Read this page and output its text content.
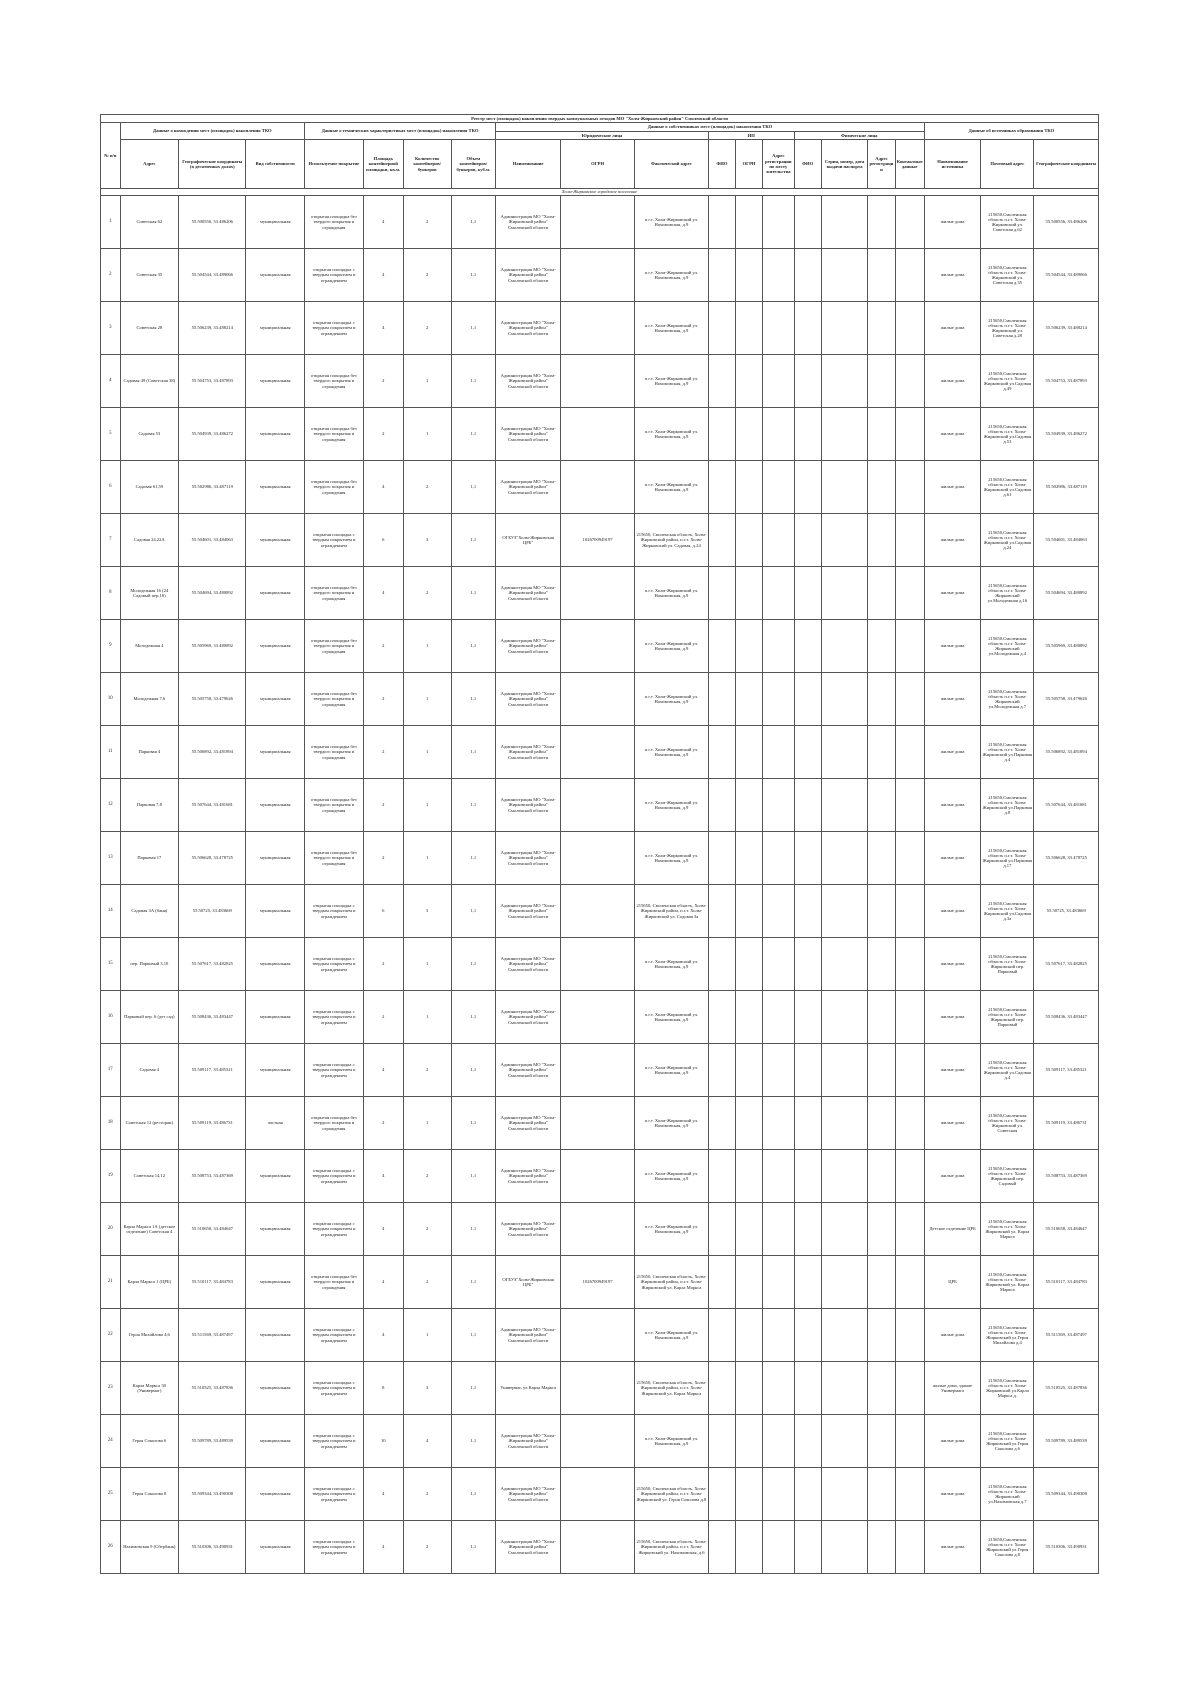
Реестр мест (площадок) накопления твердых коммунальных отходов МО "Холм-Жирковский район" Смоленской области																				
№ п/п	Данные о нахождении мест (площадок) накопления ТКО			Данные о технических характеристиках мест (площадок) накопления ТКО				Данные о собственниках мест (площадок) накопления ТКО										Данные об источниках образования ТКО		
								Юридические лица			ИП			Физические лица						
	Адрес	Географические координаты (в десятичных долях)	Вид собственности	Используемое покрытие	Площадь контейнерной площадки, кв.м.	Количество контейнеров/бункеров	Объем контейнеров/бункеров, куб.м.	Наименование	ОГРН	Фактический адрес	ФИО	ОГРН	Адрес регистрации по месту жительства	ФИО	Серия, номер, дата выдачи паспорта	Адрес регистрации	Контактные данные	Наименование источника	Почтовый адрес	Географические координаты
Холм-Жирковское городское поселение																				
1	Советская 62	55.500556, 33.486206	муниципальная	открытая площадка без твердого покрытия и ограждения	4	2	1,1	Администрация МО "Холм-Жирковский район" Смоленской области		п.г.т. Холм-Жирковский ул. Нахимовская, д.9								жилые дома	215650,Смоленская область п.г.т. Холм-Жирковский ул. Советская д.62	55.500556, 33.486206
2	Советская 35	55.504544, 33.489066	муниципальная	открытая площадка с твердым покрытием и ограждением	4	2	1,1	Администрация МО "Холм-Жирковский район" Смоленской области		п.г.т. Холм-Жирковский ул. Нахимовская, д.9								жилые дома	215650,Смоленская область п.г.т. Холм-Жирковский ул. Советская д.35	55.504544, 33.489066
3	Советская 28	55.506239, 33.488214	муниципальная	открытая площадка с твердым покрытием и ограждением	4	2	1,1	Администрация МО "Холм-Жирковский район" Смоленской области		п.г.т. Холм-Жирковский ул. Нахимовская, д.9								жилые дома	215650,Смоленская область п.г.т. Холм-Жирковский ул. Советская д.28	55.506239, 33.488214
4	Садовая 49 (Советская 38)	55.504753, 33.487893	муниципальная	открытая площадка без твердого покрытия и ограждения	2	1	1,1	Администрация МО "Холм-Жирковский район" Смоленской области		п.г.т. Холм-Жирковский ул. Нахимовская, д.9								жилые дома	215650,Смоленская область п.г.т. Холм-Жирковский ул.Садовая д.49	55.504753, 33.487893
5	Садовая 53	55.504939, 33.486272	муниципальная	открытая площадка без твердого покрытия и ограждения	2	1	1,1	Администрация МО "Холм-Жирковский район" Смоленской области		п.г.т. Холм-Жирковский ул. Нахимовская, д.9								жилые дома	215650,Смоленская область п.г.т. Холм-Жирковский ул.Садовая д.53	55.504939, 33.486272
6	Садовая 61,59	55.502986, 33.487119	муниципальная	открытая площадка без твердого покрытия и ограждения	4	2	1,1	Администрация МО "Холм-Жирковский район" Смоленской области		п.г.т. Холм-Жирковский ул. Нахимовская, д.9								жилые дома	215650,Смоленская область п.г.т. Холм-Жирковский ул.Садовая д.61	55.502986, 33.487119
7	Садовая 24,22А	55.504601, 33.484063	муниципальная	открытая площадка с твердым покрытием и ограждением	6	3	1,1	ОГБУЗ"Холм-Жирковская ЦРБ"	1026700949197	215650, Смоленская область, Холм-Жирковский район, п.г.т. Холм-Жирковский ул. Садовая, д.24								жилые дома	215650,Смоленская область п.г.т. Холм-Жирковский ул.Садовая д.24	55.504601, 33.484063
8	Молодежная 16 (24 Садовый пер.16)	55.504694, 33.480892	муниципальная	открытая площадка без твердого покрытия и ограждения	4	2	1,1	Администрация МО "Холм-Жирковский район" Смоленской области		п.г.т. Холм-Жирковский ул. Нахимовская, д.9								жилые дома	215650,Смоленская область п.г.т. Холм-Жирковский ул.Молодежная д.16	55.504694, 33.480892
9	Молодежная 4	55.505969, 33.480892	муниципальная	открытая площадка без твердого покрытия и ограждения	2	1	1,1	Администрация МО "Холм-Жирковский район" Смоленской области		п.г.т. Холм-Жирковский ул. Нахимовская, д.9								жилые дома	215650,Смоленская область п.г.т. Холм-Жирковский ул.Молодежная д.4	55.505969, 33.480892
10	Молодежная 7,6	55.505758, 33.479626	муниципальная	открытая площадка без твердого покрытия и ограждения	2	1	1,1	Администрация МО "Холм-Жирковский район" Смоленской области		п.г.т. Холм-Жирковский ул. Нахимовская, д.9								жилые дома	215650,Смоленская область п.г.т. Холм-Жирковский ул.Молодежная д.7	55.505758, 33.479626
11	Парковая 4	55.506892, 33.481894	муниципальная	открытая площадка без твердого покрытия и ограждения	2	1	1,1	Администрация МО "Холм-Жирковский район" Смоленской области		п.г.т. Холм-Жирковский ул. Нахимовская, д.9								жилые дома	215650,Смоленская область п.г.т. Холм-Жирковский ул.Парковая д.4	55.506892, 33.481894
12	Парковая 7,8	55.507644, 33.481681	муниципальная	открытая площадка без твердого покрытия и ограждения	2	1	1,1	Администрация МО "Холм-Жирковский район" Смоленской области		п.г.т. Холм-Жирковский ул. Нахимовская, д.9								жилые дома	215650,Смоленская область п.г.т. Холм-Жирковский ул.Парковая д.8	55.507644, 33.481681
13	Парковая 17	55.506628, 33.478725	муниципальная	открытая площадка без твердого покрытия и ограждения	2	1	1,1	Администрация МО "Холм-Жирковский район" Смоленской области		п.г.т. Холм-Жирковский ул. Нахимовская, д.9								жилые дома	215650,Смоленская область п.г.т. Холм-Жирковский ул.Парковая д.17	55.506628, 33.478725
14	Садовая 3А (баня)	55.50725, 33.483669	муниципальная	открытая площадка с твердым покрытием и ограждением	6	3	1,1	Администрация МО "Холм-Жирковский район" Смоленской области		215650, Смоленская область, Холм-Жирковский район, п.г.т. Холм-Жирковский ул. Садовая 3а								жилые дома	215650,Смоленская область п.г.т. Холм-Жирковский ул.Садовая д.3а	55.50725, 33.483669
15	пер. Парковый 3,10	55.507617, 33.482825	муниципальная	открытая площадка с твердым покрытием и ограждением	2	1	1,1	Администрация МО "Холм-Жирковский район" Смоленской области		п.г.т. Холм-Жирковский ул. Нахимовская, д.9								жилые дома	215650,Смоленская область п.г.т. Холм-Жирковский пер. Парковый	55.507617, 33.482825
16	Парковый пер. 6 (дет сад)	55.508436, 33.483447	муниципальная	открытая площадка с твердым покрытием и ограждением	2	1	1,1	Администрация МО "Холм-Жирковский район" Смоленской области		п.г.т. Холм-Жирковский ул. Нахимовская, д.9								жилые дома	215650,Смоленская область п.г.т. Холм-Жирковский пер. Парковый	55.508436, 33.483447
17	Садовая 4	55.509117, 33.485321	муниципальная	открытая площадка с твердым покрытием и ограждением	4	2	1,1	Администрация МО "Холм-Жирковский район" Смоленской области		п.г.т. Холм-Жирковский ул. Нахимовская, д.9								жилые дома	215650,Смоленская область п.г.т. Холм-Жирковский ул.Садовая д.4	55.509117, 33.485321
18	Советская 12 (ресторан)	55.509119, 33.486731	частная	открытая площадка без твердого покрытия и ограждения	2	1	1,1	Администрация МО "Холм-Жирковский район" Смоленской области		п.г.т. Холм-Жирковский ул. Нахимовская, д.9								жилые дома	215650,Смоленская область п.г.т. Холм-Жирковский ул. Советская	55.509119, 33.486731
19	Советская 14,12	55.508753, 33.487369	муниципальная	открытая площадка с твердым покрытием и ограждением	4	2	1,1	Администрация МО "Холм-Жирковский район" Смоленской области		п.г.т. Холм-Жирковский ул. Нахимовская, д.9								жилые дома	215650,Смоленская область п.г.т. Холм-Жирковский пер. Садовый	55.508753, 33.487369
20	Карла Маркса 1А (детское отделение) Советская 4	55.510658, 33.484647	муниципальная	открытая площадка с твердым покрытием и ограждением	4	2	1,1	Администрация МО "Холм-Жирковский район" Смоленской области		п.г.т. Холм-Жирковский ул. Нахимовская, д.9								Детское отделение ЦРБ	215650,Смоленская область п.г.т. Холм-Жирковский ул. Карла Маркса	55.510658, 33.484647
21	Карла Маркса 1 (ЦРБ)	55.510117, 33.484783	муниципальная	открытая площадка без твердого покрытия и ограждения	4	2	1,1	ОГБУЗ"Холм-Жирковская ЦРБ"	1026700949197	215650, Смоленская область, Холм-Жирковский район, п.г.т. Холм-Жирковский ул. Карла Маркса								ЦРБ	215650,Смоленская область п.г.т. Холм-Жирковский ул. Карла Маркса	55.510117, 33.484783
22	Героя Михайлова 4,6	55.511569, 33.487497	муниципальная	открытая площадка с твердым покрытием и ограждением	4	1	1,1	Администрация МО "Холм-Жирковский район" Смоленской области		п.г.т. Холм-Жирковский ул. Нахимовская, д.9								жилые дома	215650,Смоленская область п.г.т. Холм-Жирковский ул.Героя Михайлова д.4	55.511569, 33.487497
23	Карла Маркса 30 (Универмаг)	55.510525, 33.487836	муниципальная	открытая площадка с твердым покрытием и ограждением	8	3	1,1	Универмаг, ул.Карла Маркса		215650, Смоленская область, Холм-Жирковский район, п.г.т. Холм-Жирковский ул. Карла Маркса								жилые дома, здание Универмага	215650,Смоленская область п.г.т. Холм-Жирковский ул.Карла Маркса д.	55.510525, 33.487836
24	Героя Соколова 6	55.509789, 33.489539	муниципальная	открытая площадка с твердым покрытием и ограждением	10	4	1,1	Администрация МО "Холм-Жирковский район" Смоленской области		п.г.т. Холм-Жирковский ул. Нахимовская, д.9								жилые дома	215650,Смоленская область п.г.т. Холм-Жирковский ул.Героя Соколова д.6	55.509789, 33.489539
25	Героя Соколова 8	55.509344, 33.490308	муниципальная	открытая площадка с твердым покрытием и ограждением	4	2	1,1	Администрация МО "Холм-Жирковский район" Смоленской области		215650, Смоленская область, Холм-Жирковский район, п.г.т. Холм-Жирковский ул. Героя Соколова д.8								жилые дома	215650,Смоленская область п.г.т. Холм-Жирковский ул.Нахимовская д.7	55.509344, 33.490308
26	Нахимовская 9 (Сбербанк)	55.510306, 33.490931	муниципальная	открытая площадка с твердым покрытием и ограждением	4	2	1,1	Администрация МО "Холм-Жирковский район" Смоленской области		215650, Смоленская область, Холм-Жирковский район, п.г.т. Холм-Жирковский ул. Нахимовская, д.6								жилые дома	215650,Смоленская область п.г.т. Холм-Жирковский ул.Героя Соколова д.8	55.510306, 33.490931
